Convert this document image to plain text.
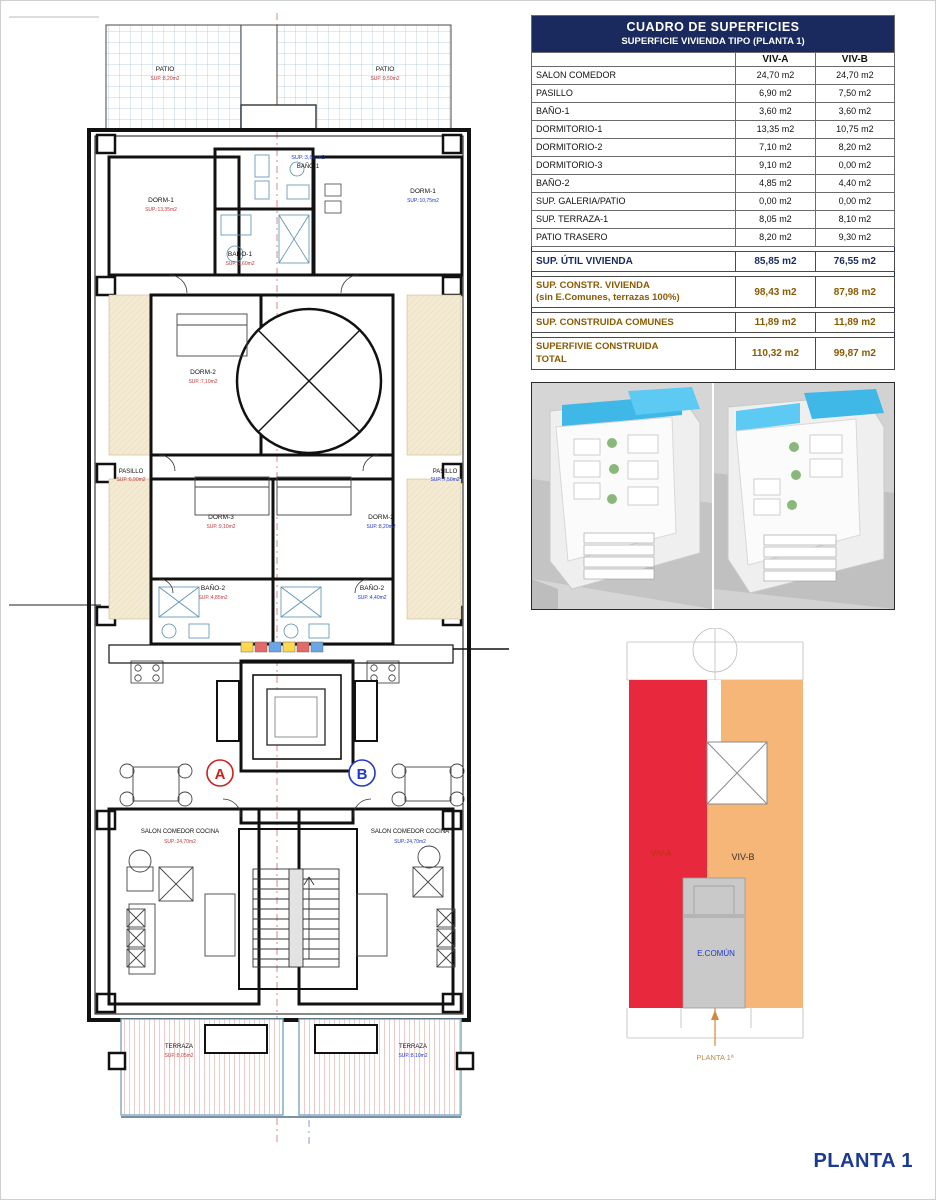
A	B
PATIO
SUP.:8,20m2
PATIO
SUP.:9,50m2
SUP.:3,60 m2
BAÑO-1
DORM-1
SUP.:13,35m2
DORM-1
SUP.:10,75m2
BAÑO-1
SUP.:3,60m2
DORM-2
SUP.:7,10m2
PASILLO
SUP.:6,90m2
PASILLO
SUP.:7,50m2
DORM-3
SUP.:9,10m2
DORM-2
SUP.:8,20m2
BAÑO-2
SUP.:4,85m2
BAÑO-2
SUP.:4,40m2
SALON COMEDOR COCINA
SUP.:24,70m2
SALON COMEDOR COCINA
SUP.:24,70m2
TERRAZA
SUP.:8,05m2
TERRAZA
SUP.:8,10m2
CUADRO DE SUPERFICIES
SUPERFICIE VIVIENDA TIPO (PLANTA 1)		

	VIV-A	VIV-B
SALON COMEDOR	24,70 m2	24,70 m2
PASILLO	6,90 m2	7,50 m2
BAÑO-1	3,60 m2	3,60 m2
DORMITORIO-1	13,35 m2	10,75 m2
DORMITORIO-2	7,10 m2	8,20 m2
DORMITORIO-3	9,10 m2	0,00 m2
BAÑO-2	4,85 m2	4,40 m2
SUP. GALERIA/PATIO	0,00 m2	0,00 m2
SUP. TERRAZA-1	8,05 m2	8,10 m2
PATIO TRASERO	8,20 m2	9,30 m2

SUP. ÚTIL VIVIENDA	85,85 m2	76,55 m2

SUP. CONSTR. VIVIENDA
(sin E.Comunes, terrazas 100%)	98,43 m2	87,98 m2

SUP. CONSTRUIDA COMUNES	11,89 m2	11,89 m2

SUPERFIVIE CONSTRUIDA
TOTAL	110,32 m2	99,87 m2
VIV-A	VIV-B
E.COMÚN
PLANTA 1ª
PLANTA 1
